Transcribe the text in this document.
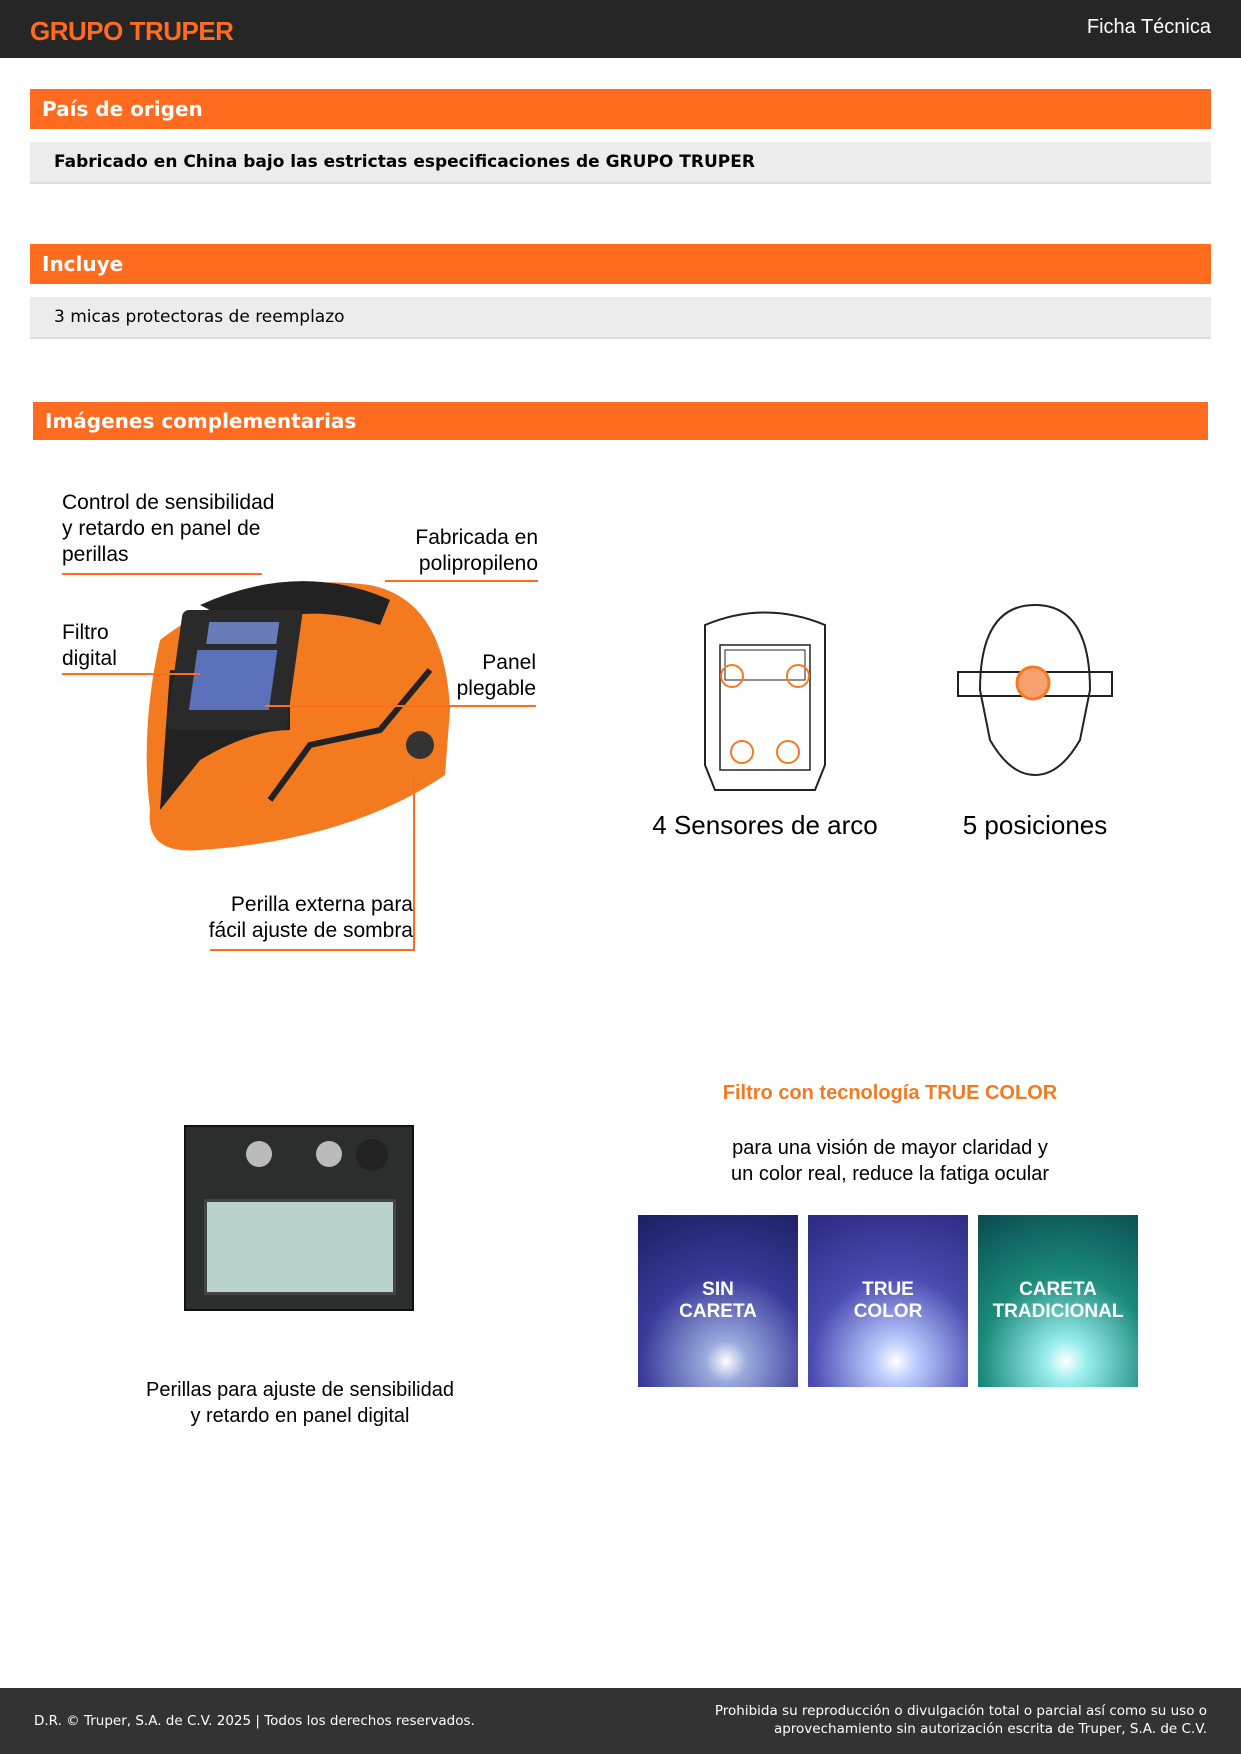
GRUPO TRUPER	Ficha Técnica
País de origen
Fabricado en China bajo las estrictas especificaciones de GRUPO TRUPER
Incluye
3 micas protectoras de reemplazo
Imágenes complementarias
Control de sensibilidad y retardo en panel de perillas
Fabricada en polipropileno
Filtro digital	Panel plegable
Perilla externa para fácil ajuste de sombra
4 Sensores de arco	5 posiciones
Perillas para ajuste de sensibilidad y retardo en panel digital
Filtro con tecnología TRUE COLOR
para una visión de mayor claridad y un color real, reduce la fatiga ocular
SIN CARETA
TRUE COLOR
CARETA TRADICIONAL
D.R. © Truper, S.A. de C.V. 2025 | Todos los derechos reservados.
Prohibida su reproducción o divulgación total o parcial así como su uso o aprovechamiento sin autorización escrita de Truper, S.A. de C.V.
